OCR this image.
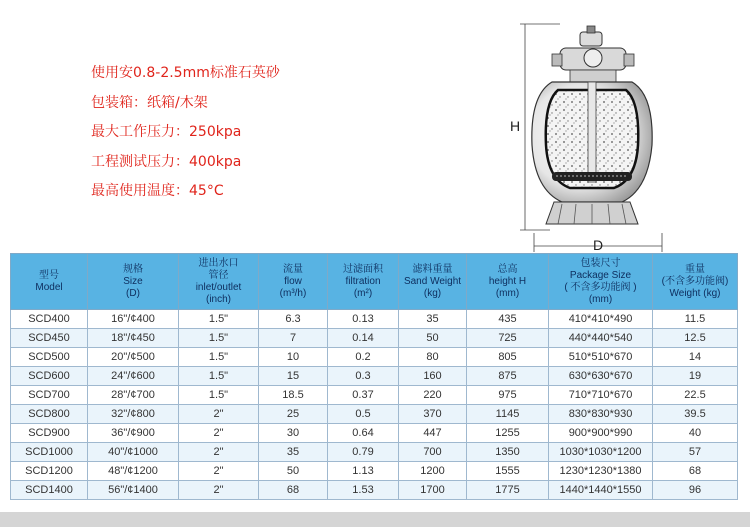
使用安0.8-2.5mm标准石英砂
包装箱：纸箱/木架
最大工作压力：250kpa
工程测试压力：400kpa
最高使用温度：45°C
H
D
型号
Model	规格
Size
(D)	进出水口
管径
inlet/outlet
(inch)	流量
flow
(m³/h)	过滤面积
filtration
(m²)	滤料重量
Sand Weight
(kg)	总高
height H
(mm)	包装尺寸
Package Size
( 不含多功能阀 )
(mm)	重量
(不含多功能阀)
Weight (kg)

SCD400	16"/¢400	1.5"	6.3	0.13	35	435	410*410*490	11.5
SCD450	18"/¢450	1.5"	7	0.14	50	725	440*440*540	12.5
SCD500	20"/¢500	1.5"	10	0.2	80	805	510*510*670	14
SCD600	24"/¢600	1.5"	15	0.3	160	875	630*630*670	19
SCD700	28"/¢700	1.5"	18.5	0.37	220	975	710*710*670	22.5
SCD800	32"/¢800	2"	25	0.5	370	1145	830*830*930	39.5
SCD900	36"/¢900	2"	30	0.64	447	1255	900*900*990	40
SCD1000	40"/¢1000	2"	35	0.79	700	1350	1030*1030*1200	57
SCD1200	48"/¢1200	2"	50	1.13	1200	1555	1230*1230*1380	68
SCD1400	56"/¢1400	2"	68	1.53	1700	1775	1440*1440*1550	96
